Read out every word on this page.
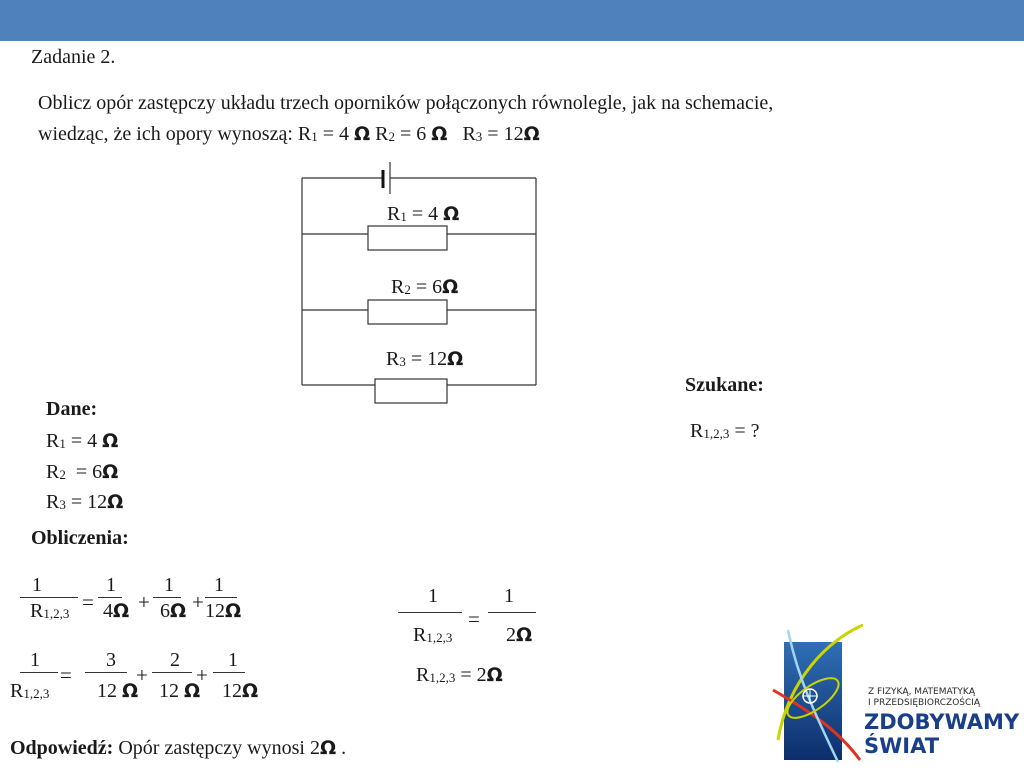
Zadanie 2.
Oblicz opór zastępczy układu trzech oporników połączonych równolegle, jak na schemacie,
wiedząc, że ich opory wynoszą: $R_1 = 4$ Ω $R_2 = 6$ Ω $R_3 = 12\Omega$
$R_1 = 4$ Ω
$R_2 = 6\Omega$
$R_3 = 12\Omega$
Dane:
$R_1 = 4$ Ω
$R_2 = 6\Omega$
$R_3 = 12\Omega$
Szukane:
$R_{1,2,3}$ = ?
Obliczenia:
1
$R_{1,2,3}$ =
1
4Ω +
1
6Ω +
1
12Ω
1
$R_{1,2,3}$
=
3
12 Ω
+
2
12 Ω
+
1
12Ω
1
$R_{1,2,3}$
=
1
2Ω
$R_{1,2,3} = 2\Omega$
Odpowiedź: Opór zastępczy wynosi 2Ω .
Z FIZYKĄ, MATEMATYKĄ
I PRZEDSIĘBIORCZOŚCIĄ
ZDOBYWAMY
ŚWIAT
